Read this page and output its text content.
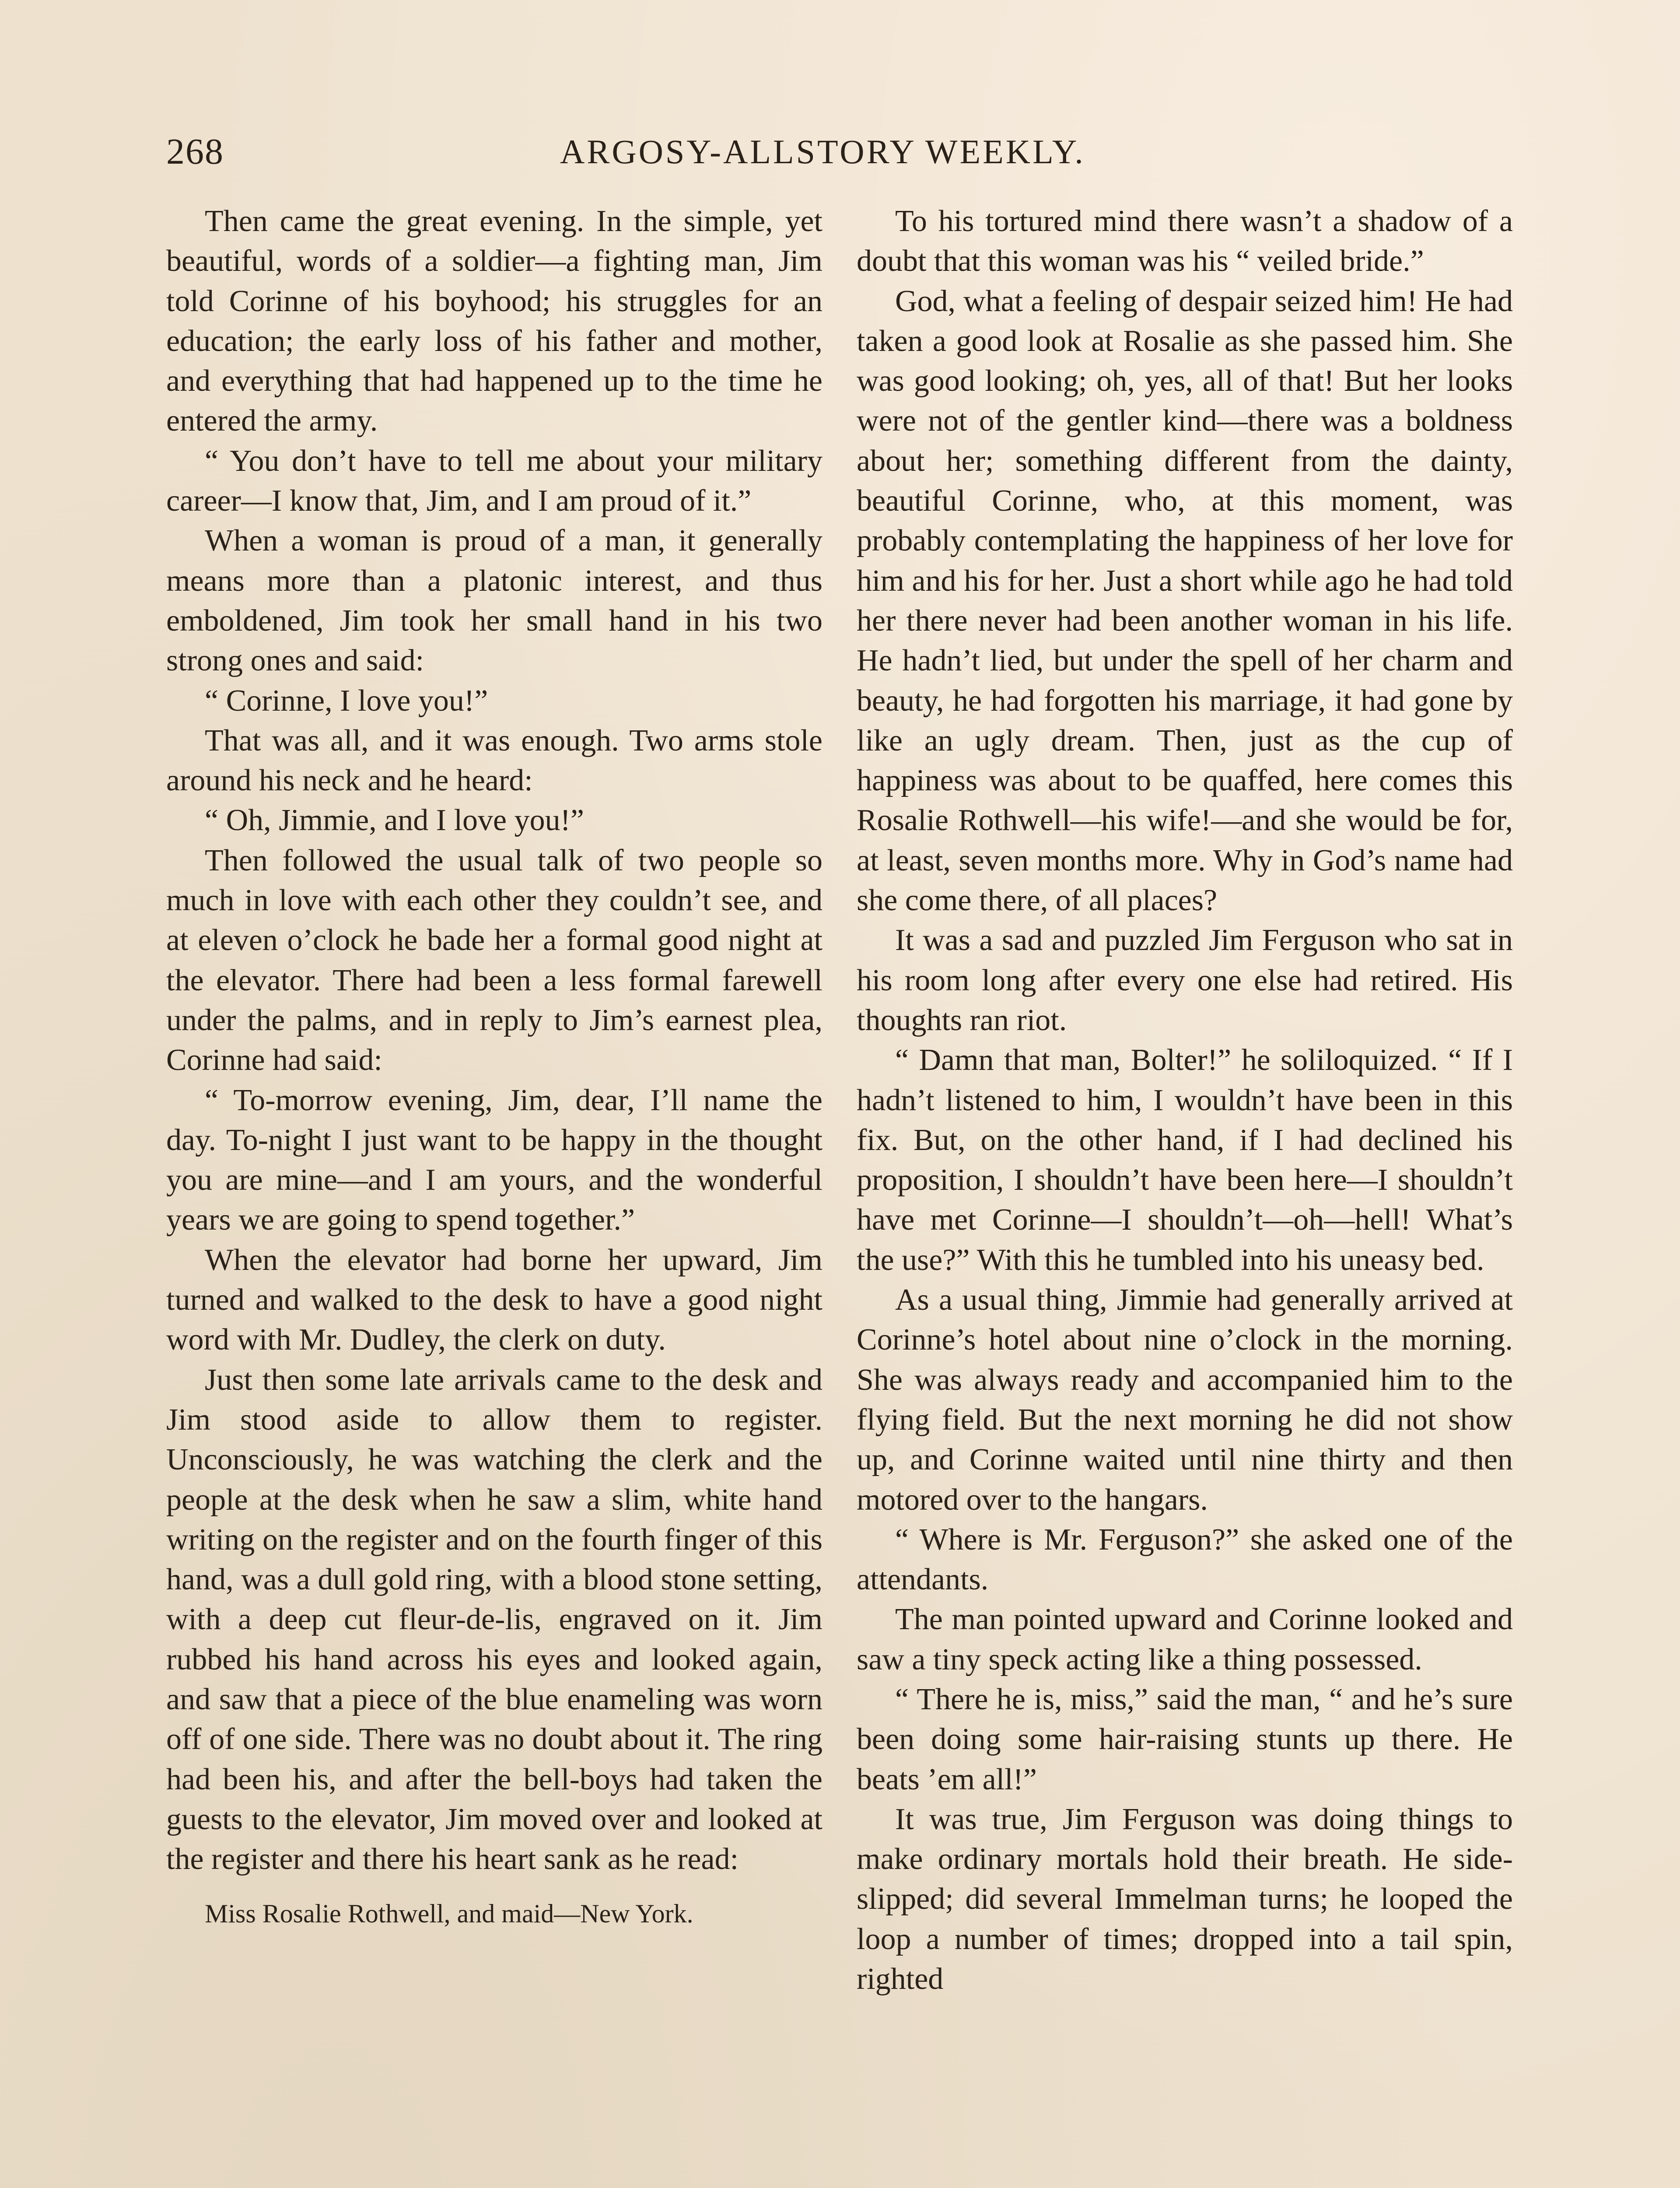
268	ARGOSY-ALLSTORY WEEKLY.

Then came the great evening. In the simple, yet beautiful, words of a soldier—a fighting man, Jim told Corinne of his boyhood; his struggles for an education; the early loss of his father and mother, and everything that had happened up to the time he entered the army.

“ You don’t have to tell me about your military career—I know that, Jim, and I am proud of it.”

When a woman is proud of a man, it generally means more than a platonic interest, and thus emboldened, Jim took her small hand in his two strong ones and said:

“ Corinne, I love you!”

That was all, and it was enough. Two arms stole around his neck and he heard:

“ Oh, Jimmie, and I love you!”

Then followed the usual talk of two people so much in love with each other they couldn’t see, and at eleven o’clock he bade her a formal good night at the elevator. There had been a less formal farewell under the palms, and in reply to Jim’s earnest plea, Corinne had said:

“ To-morrow evening, Jim, dear, I’ll name the day. To-night I just want to be happy in the thought you are mine—and I am yours, and the wonderful years we are going to spend together.”

When the elevator had borne her upward, Jim turned and walked to the desk to have a good night word with Mr. Dudley, the clerk on duty.

Just then some late arrivals came to the desk and Jim stood aside to allow them to register. Unconsciously, he was watching the clerk and the people at the desk when he saw a slim, white hand writing on the register and on the fourth finger of this hand, was a dull gold ring, with a blood stone setting, with a deep cut fleur-de-lis, engraved on it. Jim rubbed his hand across his eyes and looked again, and saw that a piece of the blue enameling was worn off of one side. There was no doubt about it. The ring had been his, and after the bell-boys had taken the guests to the elevator, Jim moved over and looked at the register and there his heart sank as he read:

Miss Rosalie Rothwell, and maid—New York.

To his tortured mind there wasn’t a shadow of a doubt that this woman was his “ veiled bride.”

God, what a feeling of despair seized him! He had taken a good look at Rosalie as she passed him. She was good looking; oh, yes, all of that! But her looks were not of the gentler kind—there was a boldness about her; something different from the dainty, beautiful Corinne, who, at this moment, was probably contemplating the happiness of her love for him and his for her. Just a short while ago he had told her there never had been another woman in his life. He hadn’t lied, but under the spell of her charm and beauty, he had forgotten his marriage, it had gone by like an ugly dream. Then, just as the cup of happiness was about to be quaffed, here comes this Rosalie Rothwell—his wife!—and she would be for, at least, seven months more. Why in God’s name had she come there, of all places?

It was a sad and puzzled Jim Ferguson who sat in his room long after every one else had retired. His thoughts ran riot.

“ Damn that man, Bolter!” he soliloquized. “ If I hadn’t listened to him, I wouldn’t have been in this fix. But, on the other hand, if I had declined his proposition, I shouldn’t have been here—I shouldn’t have met Corinne—I shouldn’t—oh—hell! What’s the use?” With this he tumbled into his uneasy bed.

As a usual thing, Jimmie had generally arrived at Corinne’s hotel about nine o’clock in the morning. She was always ready and accompanied him to the flying field. But the next morning he did not show up, and Corinne waited until nine thirty and then motored over to the hangars.

“ Where is Mr. Ferguson?” she asked one of the attendants.

The man pointed upward and Corinne looked and saw a tiny speck acting like a thing possessed.

“ There he is, miss,” said the man, “ and he’s sure been doing some hair-raising stunts up there. He beats ’em all!”

It was true, Jim Ferguson was doing things to make ordinary mortals hold their breath. He side-slipped; did several Immelman turns; he looped the loop a number of times; dropped into a tail spin, righted
